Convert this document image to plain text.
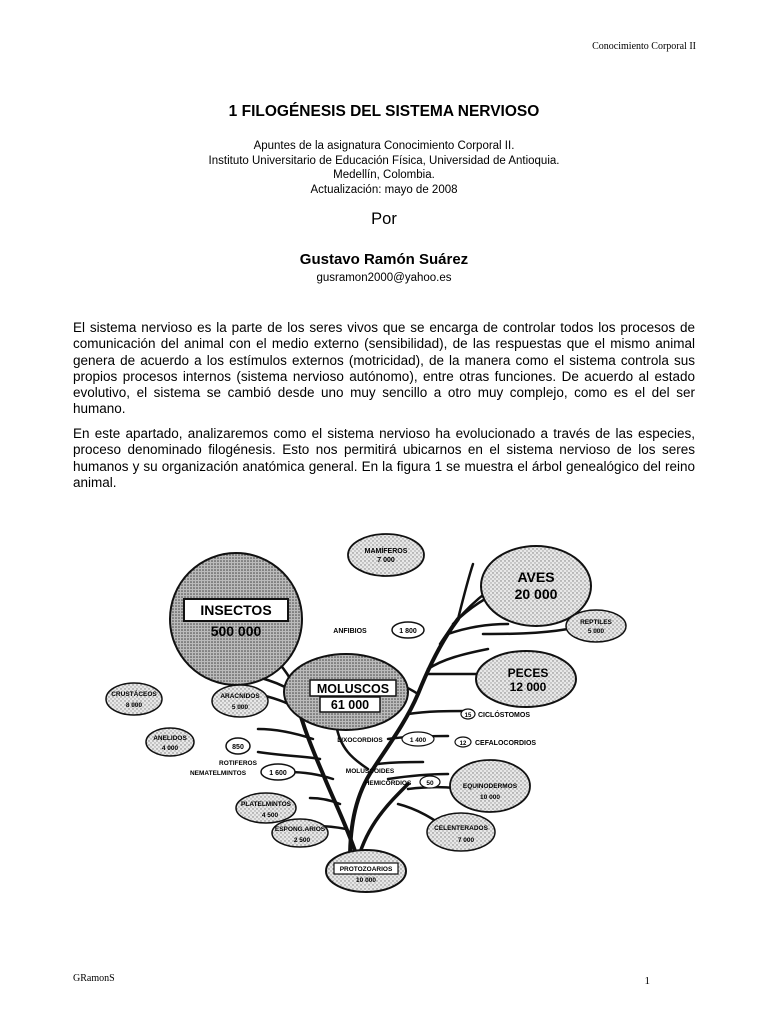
Conocimiento Corporal II
1 FILOGÉNESIS DEL SISTEMA NERVIOSO
Apuntes de la asignatura Conocimiento Corporal II.
Instituto Universitario de Educación Física, Universidad de Antioquia.
Medellín, Colombia.
Actualización: mayo de 2008
Por
Gustavo Ramón Suárez
gusramon2000@yahoo.es

El sistema nervioso es la parte de los seres vivos que se encarga de controlar todos los procesos de comunicación del animal con el medio externo (sensibilidad), de las respuestas que el mismo animal genera de acuerdo a los estímulos externos (motricidad), de la manera como el sistema controla sus propios procesos internos (sistema nervioso autónomo), entre otras funciones. De acuerdo al estado evolutivo, el sistema se cambió desde uno muy sencillo a otro muy complejo, como es el del ser humano.

En este apartado, analizaremos como el sistema nervioso ha evolucionado a través de las especies, proceso denominado filogénesis. Esto nos permitirá ubicarnos en el sistema nervioso de los seres humanos y su organización anatómica general. En la figura 1 se muestra el árbol genealógico del reino animal.

INSECTOS
500 000
MOLUSCOS
61 000
AVES
20 000
PECES
12 000
MAMÍFEROS
7 000
REPTILES
5 000
ANFIBIOS	1 800
CRUSTÁCEOS
8 000
ARACNIDOS
5 000
ANELIDOS
4 000	850
ROTIFEROS
NEMATELMINTOS	1 600
PLATELMINTOS
4 500
ESPONG.ARIOS
2 500
CELENTERADOS
7 000
EQUINODERMOS
10 000
15 CICLÓSTOMOS
12 CEFALOCORDIOS
LIXOCORDIOS	1 400
MOLUSCOIDES
HEMICORDIOS 50
PROTOZOARIOS
10 000
GRamonS	1
